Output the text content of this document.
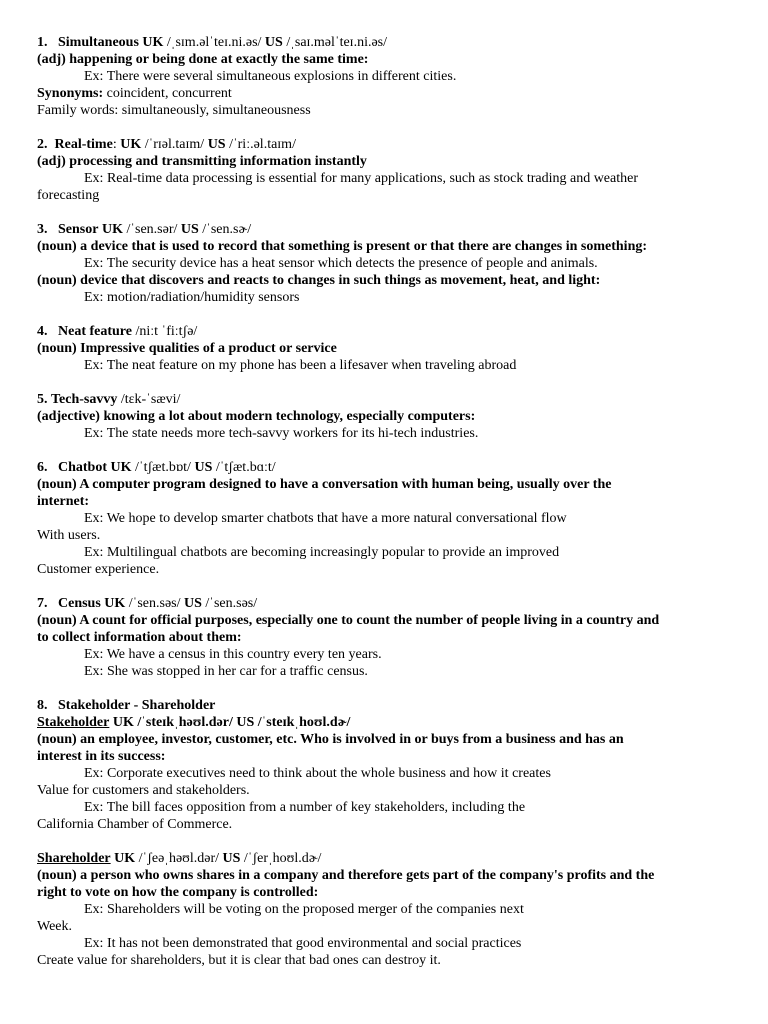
1. Simultaneous UK /ˌsɪm.əlˈteɪ.ni.əs/ US /ˌsaɪ.məlˈteɪ.ni.əs/
(adj) happening or being done at exactly the same time:
Ex: There were several simultaneous explosions in different cities.
Synonyms: coincident, concurrent
Family words: simultaneously, simultaneousness
2. Real-time: UK /ˈrɪəl.taɪm/ US /ˈriː.əl.taɪm/
(adj) processing and transmitting information instantly
Ex: Real-time data processing is essential for many applications, such as stock trading and weather
forecasting
3. Sensor UK /ˈsen.sər/ US /ˈsen.sɚ/
(noun) a device that is used to record that something is present or that there are changes in something:
Ex: The security device has a heat sensor which detects the presence of people and animals.
(noun) device that discovers and reacts to changes in such things as movement, heat, and light:
Ex: motion/radiation/humidity sensors
4. Neat feature /niːt ˈfiːtʃə/
(noun) Impressive qualities of a product or service
Ex: The neat feature on my phone has been a lifesaver when traveling abroad
5. Tech-savvy /tɛk-ˈsævi/
(adjective) knowing a lot about modern technology, especially computers:
Ex: The state needs more tech-savvy workers for its hi-tech industries.
6. Chatbot UK /ˈtʃæt.bɒt/ US /ˈtʃæt.bɑːt/
(noun) A computer program designed to have a conversation with human being, usually over the
internet:
Ex: We hope to develop smarter chatbots that have a more natural conversational flow
With users.
Ex: Multilingual chatbots are becoming increasingly popular to provide an improved
Customer experience.
7. Census UK /ˈsen.səs/ US /ˈsen.səs/
(noun) A count for official purposes, especially one to count the number of people living in a country and
to collect information about them:
Ex: We have a census in this country every ten years.
Ex: She was stopped in her car for a traffic census.
8. Stakeholder - Shareholder
Stakeholder UK /ˈsteɪkˌhəʊl.dər/ US /ˈsteɪkˌhoʊl.dɚ/
(noun) an employee, investor, customer, etc. Who is involved in or buys from a business and has an
interest in its success:
Ex: Corporate executives need to think about the whole business and how it creates
Value for customers and stakeholders.
Ex: The bill faces opposition from a number of key stakeholders, including the
California Chamber of Commerce.
Shareholder UK /ˈʃeəˌhəʊl.dər/ US /ˈʃerˌhoʊl.dɚ/
(noun) a person who owns shares in a company and therefore gets part of the company's profits and the
right to vote on how the company is controlled:
Ex: Shareholders will be voting on the proposed merger of the companies next
Week.
Ex: It has not been demonstrated that good environmental and social practices
Create value for shareholders, but it is clear that bad ones can destroy it.
